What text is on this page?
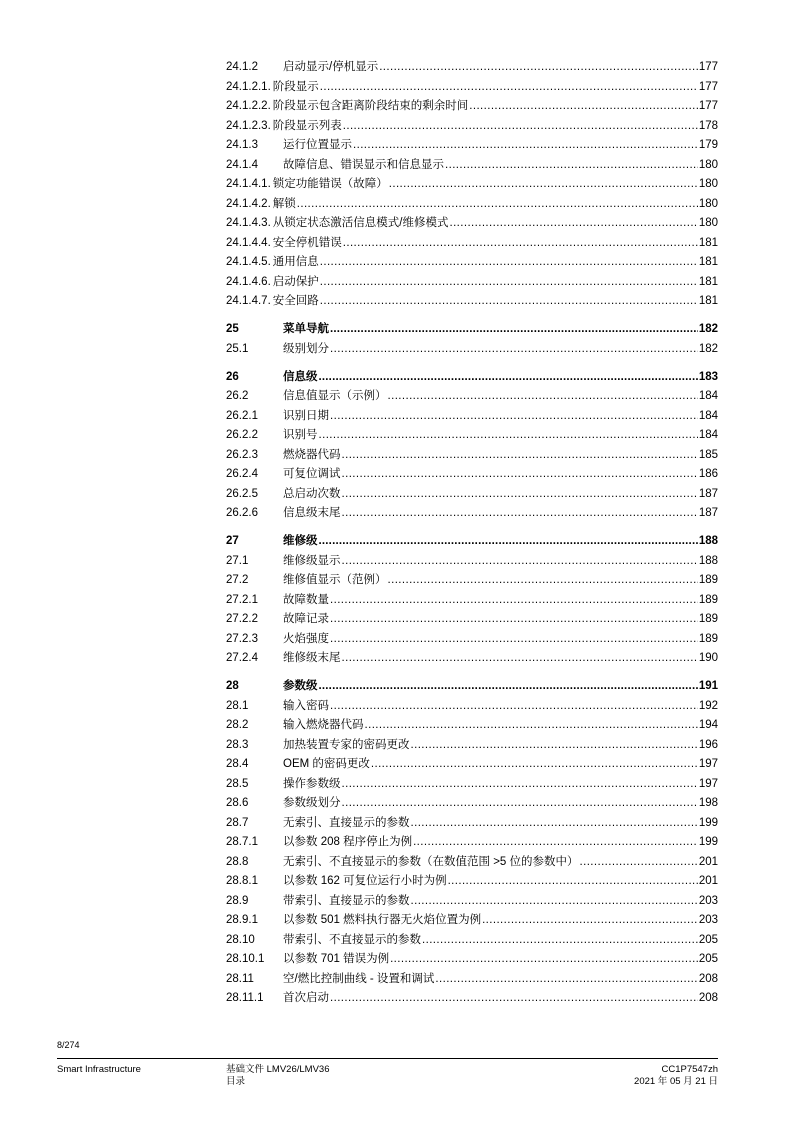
24.1.2	启动显示/停机显示 .....	177
24.1.2.1. 阶段显示 .....	177
24.1.2.2. 阶段显示包含距离阶段结束的剩余时间 .....	177
24.1.2.3. 阶段显示列表 .....	178
24.1.3	运行位置显示 .....	179
24.1.4	故障信息、错误显示和信息显示 .....	180
24.1.4.1. 锁定功能错误（故障） .....	180
24.1.4.2. 解锁 .....	180
24.1.4.3. 从锁定状态激活信息模式/维修模式 .....	180
24.1.4.4. 安全停机错误 .....	181
24.1.4.5. 通用信息 .....	181
24.1.4.6. 启动保护 .....	181
24.1.4.7. 安全回路 .....	181
25	菜单导航 .....	182
25.1	级别划分 .....	182
26	信息级 .....	183
26.2	信息值显示（示例） .....	184
26.2.1	识别日期 .....	184
26.2.2	识别号 .....	184
26.2.3	燃烧器代码 .....	185
26.2.4	可复位调试 .....	186
26.2.5	总启动次数 .....	187
26.2.6	信息级末尾 .....	187
27	维修级 .....	188
27.1	维修级显示 .....	188
27.2	维修值显示（范例） .....	189
27.2.1	故障数量 .....	189
27.2.2	故障记录 .....	189
27.2.3	火焰强度 .....	189
27.2.4	维修级末尾 .....	190
28	参数级 .....	191
28.1	输入密码 .....	192
28.2	输入燃烧器代码 .....	194
28.3	加热装置专家的密码更改 .....	196
28.4	OEM 的密码更改 .....	197
28.5	操作参数级 .....	197
28.6	参数级划分 .....	198
28.7	无索引、直接显示的参数 .....	199
28.7.1	以参数 208 程序停止为例 .....	199
28.8	无索引、不直接显示的参数（在数值范围 >5 位的参数中） .....	201
28.8.1	以参数 162 可复位运行小时为例 .....	201
28.9	带索引、直接显示的参数 .....	203
28.9.1	以参数 501 燃料执行器无火焰位置为例 .....	203
28.10	带索引、不直接显示的参数 .....	205
28.10.1	以参数 701 错误为例 .....	205
28.11	空/燃比控制曲线 - 设置和调试 .....	208
28.11.1	首次启动 .....	208
8/274
Smart Infrastructure	基础文件 LMV26/LMV36
目录
CC1P7547zh
2021 年 05 月 21 日
